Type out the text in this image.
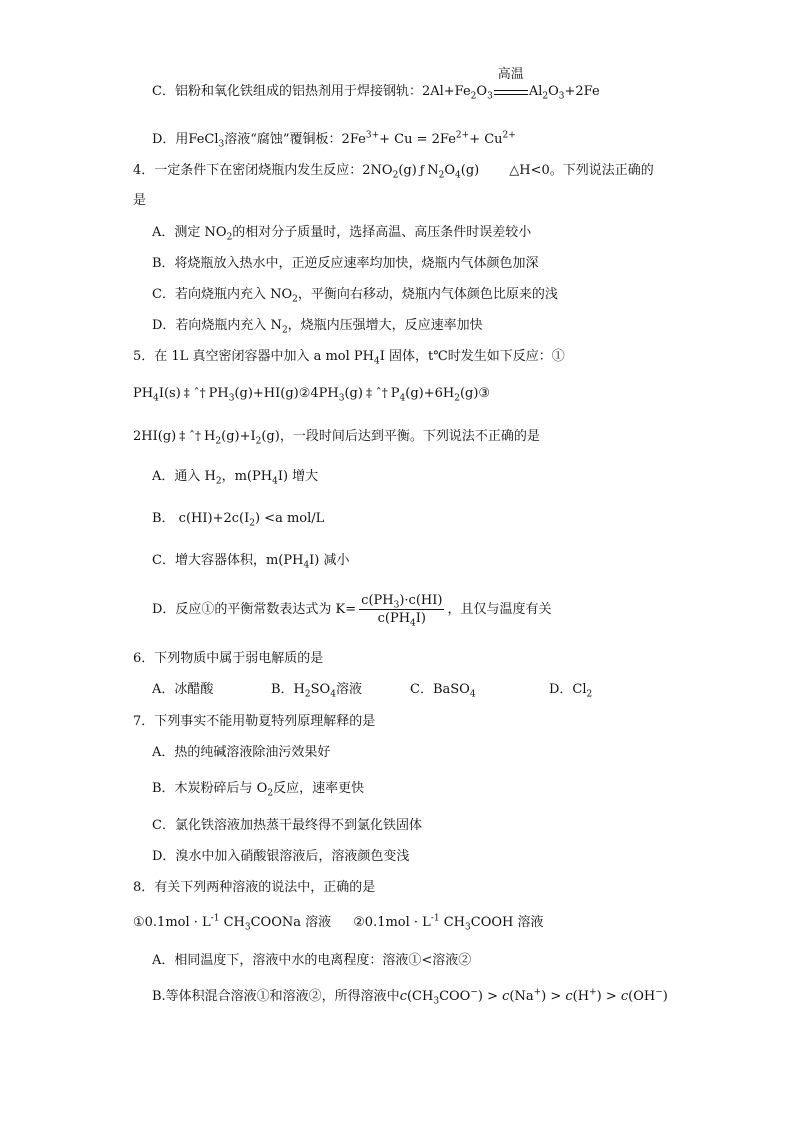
C．铝粉和氧化铁组成的铝热剂用于焊接钢轨：$2Al+Fe_2O_3$
高温
$Al_2O_3+2Fe$
D．用FeCl$_3$溶液“腐蚀”覆铜板：$2Fe^{3+}+ Cu = 2Fe^{2+}+ Cu^{2+}$
4．一定条件下在密闭烧瓶内发生反应：$2NO_2(g)$ ƒ $N_2O_4(g)$ △H<0。下列说法正确的
是
A．测定 $NO_2$的相对分子质量时，选择高温、高压条件时误差较小
B．将烧瓶放入热水中，正逆反应速率均加快，烧瓶内气体颜色加深
C．若向烧瓶内充入 $NO_2$，平衡向右移动，烧瓶内气体颜色比原来的浅
D．若向烧瓶内充入 $N_2$，烧瓶内压强增大，反应速率加快
5．在 1L 真空密闭容器中加入 a mol $PH_4I$ 固体，t℃时发生如下反应：①
$PH_4I(s)$ ‡ ˆ† $PH_3(g)+HI(g)②4PH_3(g)$ ‡ ˆ† $P_4(g)+6H_2(g)③$
2HI(g) ‡ ˆ† $H_2(g)+I_2(g)$，一段时间后达到平衡。下列说法不正确的是
A．通入 $H_2$，$m(PH_4I)$ 增大
B． $c(HI)+2c(I_2) <a$ mol/L
C．增大容器体积，$m(PH_4I)$ 减小
D．反应①的平衡常数表达式为 $K= \frac{c(PH_3)\cdot c(HI)}{c(PH_4I)}$ ，且仅与温度有关
6．下列物质中属于弱电解质的是
A．冰醋酸	B．$H_2SO_4$溶液	C．BaSO$_4$	D．$Cl_2$
7．下列事实不能用勒夏特列原理解释的是
A．热的纯碱溶液除油污效果好
B．木炭粉碎后与 $O_2$反应，速率更快
C．氯化铁溶液加热蒸干最终得不到氯化铁固体
D．溴水中加入硝酸银溶液后，溶液颜色变浅
8．有关下列两种溶液的说法中，正确的是
①0.1mol · $L^{-1}$ $CH_3COONa$ 溶液 ②0.1mol · $L^{-1}$ $CH_3COOH$ 溶液
A．相同温度下，溶液中水的电离程度：溶液①<溶液②
B.等体积混合溶液①和溶液②，所得溶液中$c(CH_3COO^-) > c(Na^+) > c(H^+) > c(OH^-)$
